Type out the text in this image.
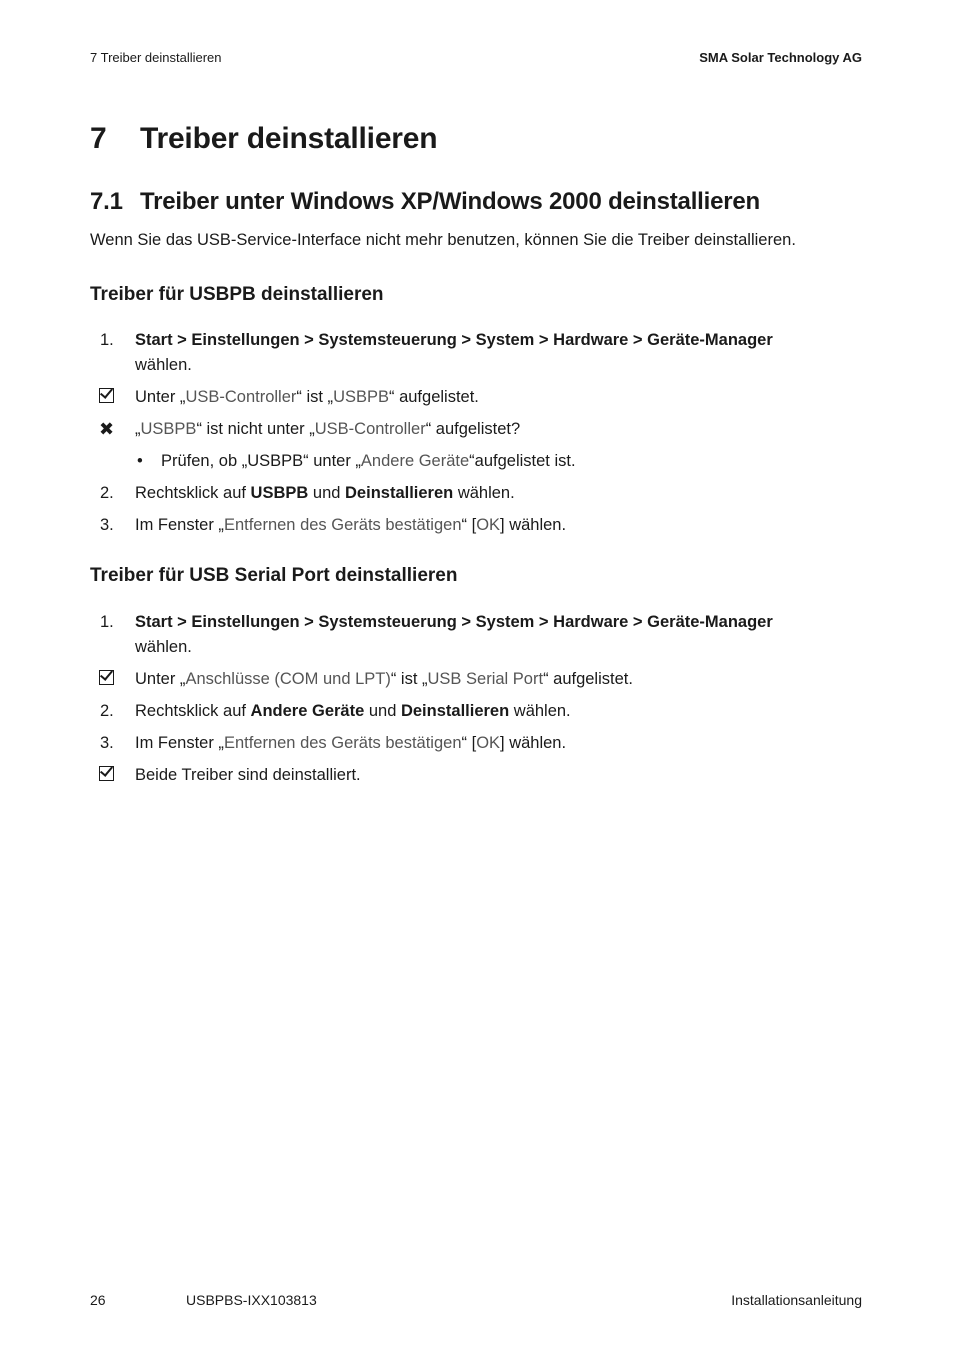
7 Treiber deinstallieren	SMA Solar Technology AG
7 Treiber deinstallieren
7.1 Treiber unter Windows XP/Windows 2000 deinstallieren
Wenn Sie das USB-Service-Interface nicht mehr benutzen, können Sie die Treiber deinstallieren.
Treiber für USBPB deinstallieren
1.	Start > Einstellungen > Systemsteuerung > System > Hardware > Geräte-Manager
wählen.
Unter „USB-Controller“ ist „USBPB“ aufgelistet.
✖	„USBPB“ ist nicht unter „USB-Controller“ aufgelistet?
•	Prüfen, ob „USBPB“ unter „Andere Geräte“aufgelistet ist.
2.	Rechtsklick auf USBPB und Deinstallieren wählen.
3.	Im Fenster „Entfernen des Geräts bestätigen“ [OK] wählen.
Treiber für USB Serial Port deinstallieren
1.	Start > Einstellungen > Systemsteuerung > System > Hardware > Geräte-Manager
wählen.
Unter „Anschlüsse (COM und LPT)“ ist „USB Serial Port“ aufgelistet.
2.	Rechtsklick auf Andere Geräte und Deinstallieren wählen.
3.	Im Fenster „Entfernen des Geräts bestätigen“ [OK] wählen.
Beide Treiber sind deinstalliert.
26	USBPBS-IXX103813	Installationsanleitung
